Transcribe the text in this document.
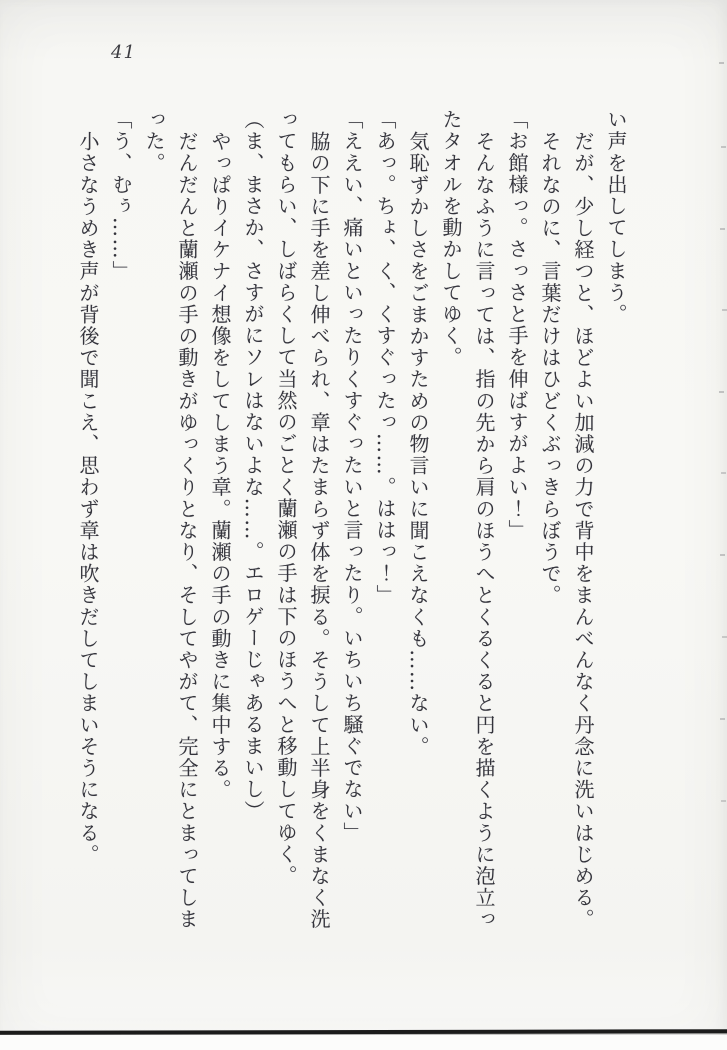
41

い声を出してしまう。

だが、少し経つと、ほどよい加減の力で背中をまんべんなく丹念に洗いはじめる。

それなのに、言葉だけはひどくぶっきらぼうで。

「お館様っ。さっさと手を伸ばすがよい！」

そんなふうに言っては、指の先から肩のほうへとくるくると円を描くように泡立っ

たタオルを動かしてゆく。

気恥ずかしさをごまかすための物言いに聞こえなくも……ない。

「あっ。ちょ、く、くすぐったっ……。ははっ！」

「ええい、痛いといったりくすぐったいと言ったり。いちいち騒ぐでない」

脇の下に手を差し伸べられ、章はたまらず体を捩る。そうして上半身をくまなく洗

ってもらい、しばらくして当然のごとく蘭瀬の手は下のほうへと移動してゆく。

（ま、まさか、さすがにソレはないよな……。エロゲーじゃあるまいし）

やっぱりイケナイ想像をしてしまう章。蘭瀬の手の動きに集中する。

だんだんと蘭瀬の手の動きがゆっくりとなり、そしてやがて、完全にとまってしま

った。

「う、むぅ……」

小さなうめき声が背後で聞こえ、思わず章は吹きだしてしまいそうになる。
